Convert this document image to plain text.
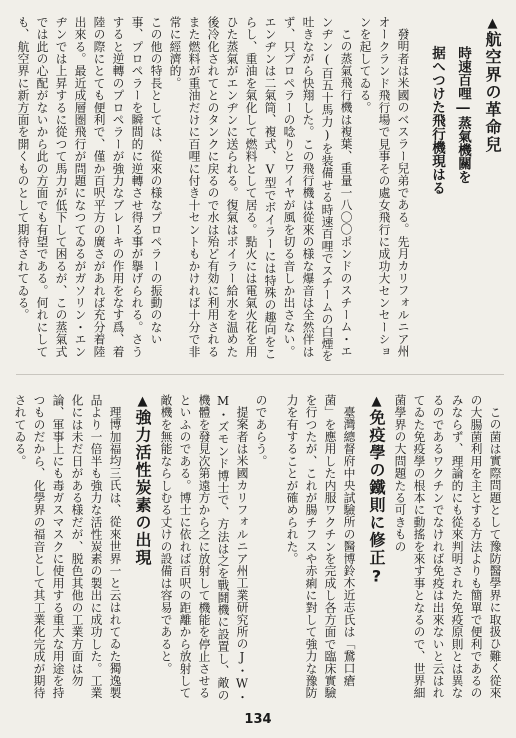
▲航空界の革命兒
時速百哩―蒸氣機關を
据へつけた飛行機現はる

發明者は米國のベスラー兒弟である。先月カリフォルニア州オークランド飛行場で見事その處女飛行に成功大センセーションを起してゐる。

この蒸氣飛行機は複葉、重量一八〇〇ポンドのスチーム・エンヂン(百五十馬力)を装備せる時速百哩でスチームの白煙を吐きながら快翔した。この飛行機は從來の様な爆音は全然伴はず、只プロペラーの唸りとワイヤが風を切る音しか出さない。エンヂンは二氣筒、複式、V型でボイラーには特殊の趣向をこらし、重油を氣化して燃料として居る。點火には電氣火花を用ひた蒸氣がエンヂンに送られる。復氣はボイラー給水を温めた後冷化されてとのタンクに戻るので水は殆ど有効に利用されるまた燃料が重油だけに百哩に付き十セントもかければ十分で非常に經濟的。

この他の特長としては、從來の様なプロペラーの振動のない事、プロペラーを瞬間的に逆轉させ得る事が擧げられる。さうすると逆轉のプロペラーが強力なブレーキの作用をなす爲、着陸の際にとても便利で、僅か百呎平方の廣さがあれば充分着陸出來る。最近成層圏飛行が問題になつてゐるがガソリン・エンヂンでは上昇するに從つて馬力が低下して困るが、この蒸氣式では此の心配がないから此の方面でも有望である。何れにしても、航空界に新方面を開くものとして期待されてゐる。

この菌は實際問題として豫防醫學界に取扱ひ難く從來の大腸菌利用を主とする方法よりも簡單で便利であるのみならず、理論的にも從來判明された免疫原則とは異なるのであるワクチンでなければ免疫は出來ないと云はれてゐた免疫學の根本に動搖を來す事となるので、世界細菌學界の大問題たる可きもの

▲免疫學の鐵則に修正?

臺灣總督府中央試驗所の醫博鈴木近志氏は「鵞口瘡菌」を應用した内服ワクチンを完成し各方面で臨床實驗を行つたが、これが腸チフスや赤痢に對して強力な豫防力を有することが確められた。

のであらう。

提案者は米國カリフォルニア州工業研究所のJ・W・M・ズモンド博士で、方法は之を戰鬪機に設置し、敵の機體を發見次第遠方から之に放射して機能を停止させるといふのである。博士に依れば百呎の距離から放射して敵機を無能ならしむる丈けの設備は容易であると。

▲強力活性炭素の出現

理博加福均三氏は、從來世界一と云はれてゐた獨逸製品より一倍半も強力な活性炭素の製出に成功した。工業化には未だ日がある様だが、脱色其他の工業方面は勿論、軍事上にも毒ガスマスクに使用する重大な用途を持つものだから、化學界の福音として其工業化完成が期待されてゐる。

134
